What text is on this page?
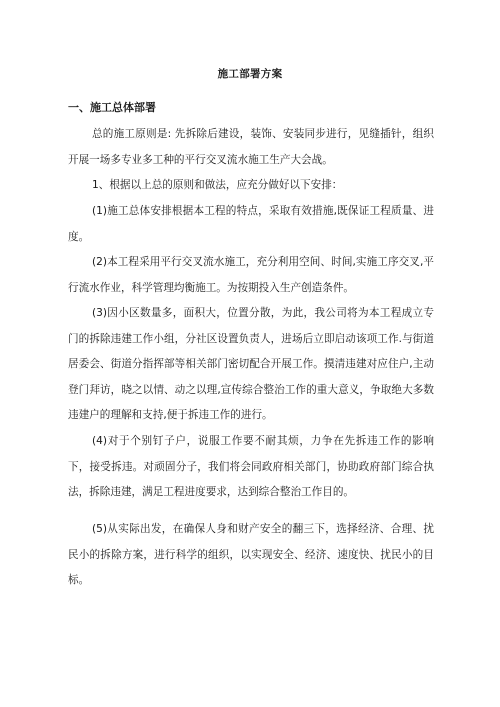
施工部署方案
一、施工总体部署

总的施工原则是: 先拆除后建设，装饰、安装同步进行，见缝插针，组织开展一场多专业多工种的平行交叉流水施工生产大会战。

1、根据以上总的原则和做法，应充分做好以下安排：

(1)施工总体安排根据本工程的特点，采取有效措施,既保证工程质量、进度。

(2)本工程采用平行交叉流水施工，充分利用空间、时间,实施工序交叉,平行流水作业，科学管理均衡施工。为按期投入生产创造条件。

(3)因小区数量多，面积大，位置分散，为此，我公司将为本工程成立专门的拆除违建工作小组，分社区设置负责人，进场后立即启动该项工作.与街道居委会、街道分指挥部等相关部门密切配合开展工作。摸清违建对应住户,主动登门拜访，晓之以情、动之以理,宣传综合整治工作的重大意义，争取绝大多数违建户的理解和支持,便于拆违工作的进行。

(4)对于个别钉子户，说服工作要不耐其烦，力争在先拆违工作的影响下，接受拆违。对顽固分子，我们将会同政府相关部门，协助政府部门综合执法，拆除违建，满足工程进度要求，达到综合整治工作目的。

(5)从实际出发，在确保人身和财产安全的翻三下，选择经济、合理、扰民小的拆除方案，进行科学的组织，以实现安全、经济、速度快、扰民小的目标。
